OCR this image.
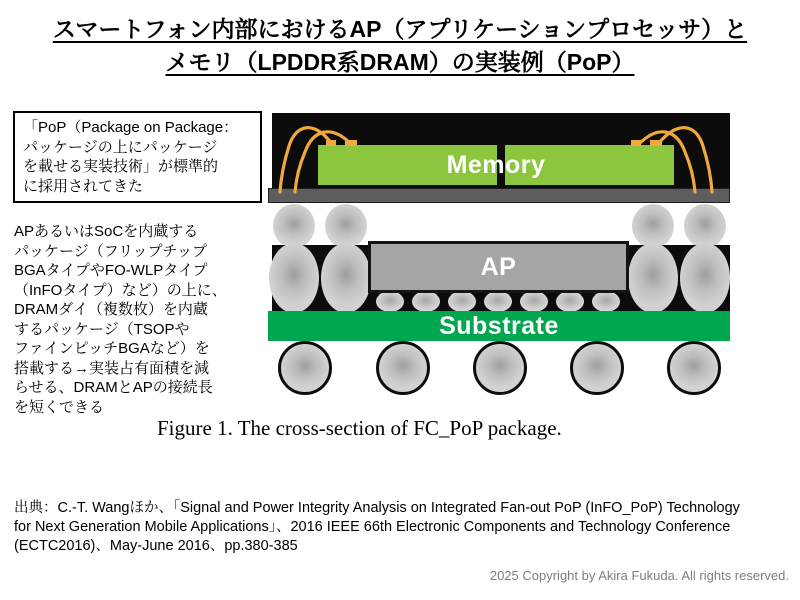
スマートフォン内部におけるAP（アプリケーションプロセッサ）と
メモリ（LPDDR系DRAM）の実装例（PoP）
「PoP（Package on Package：
パッケージの上にパッケージ
を載せる実装技術」が標準的
に採用されてきた
APあるいはSoCを内蔵する
パッケージ（フリップチップ
BGAタイプやFO-WLPタイプ
（InFOタイプ）など）の上に、
DRAMダイ（複数枚）を内蔵
するパッケージ（TSOPや
ファインピッチBGAなど）を
搭載する→実装占有面積を減
らせる、DRAMとAPの接続長
を短くできる
Memory
AP
Substrate
Figure 1. The cross-section of FC_PoP package.
出典：C.-T. Wangほか、「Signal and Power Integrity Analysis on Integrated Fan-out PoP (InFO_PoP) Technology
for Next Generation Mobile Applications」、2016 IEEE 66th Electronic Components and Technology Conference
(ECTC2016)、May-June 2016、pp.380-385
2025 Copyright by Akira Fukuda. All rights reserved.
